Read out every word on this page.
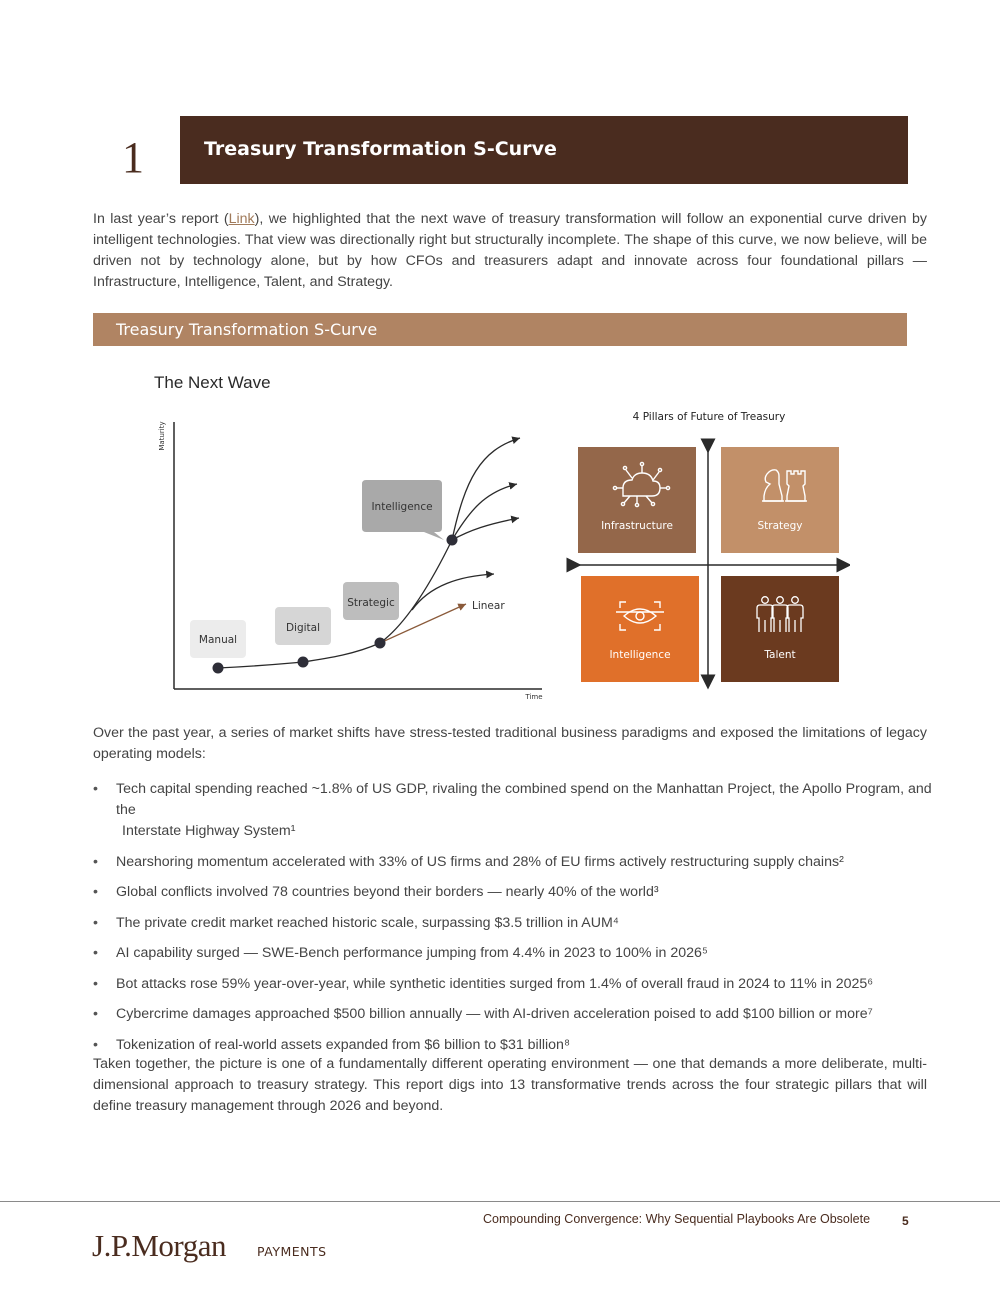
1	Treasury Transformation S-Curve

In last year’s report (Link), we highlighted that the next wave of treasury transformation will follow an exponential curve driven by intelligent technologies. That view was directionally right but structurally incomplete. The shape of this curve, we now believe, will be driven not by technology alone, but by how CFOs and treasurers adapt and innovate across four foundational pillars — Infrastructure, Intelligence, Talent, and Strategy.

Treasury Transformation S-Curve
The Next Wave
Maturity
Time
Manual
Digital
Strategic
Intelligence
Linear
4 Pillars of Future of Treasury
Infrastructure	Strategy
Intelligence	Talent

Over the past year, a series of market shifts have stress-tested traditional business paradigms and exposed the limitations of legacy operating models:

• Tech capital spending reached ~1.8% of US GDP, rivaling the combined spend on the Manhattan Project, the Apollo Program, and the
Interstate Highway System¹
• Nearshoring momentum accelerated with 33% of US firms and 28% of EU firms actively restructuring supply chains²
• Global conflicts involved 78 countries beyond their borders — nearly 40% of the world³
• The private credit market reached historic scale, surpassing $3.5 trillion in AUM⁴
• AI capability surged — SWE-Bench performance jumping from 4.4% in 2023 to 100% in 2026⁵
• Bot attacks rose 59% year-over-year, while synthetic identities surged from 1.4% of overall fraud in 2024 to 11% in 2025⁶
• Cybercrime damages approached $500 billion annually — with AI-driven acceleration poised to add $100 billion or more⁷
• Tokenization of real-world assets expanded from $6 billion to $31 billion⁸

Taken together, the picture is one of a fundamentally different operating environment — one that demands a more deliberate, multi-dimensional approach to treasury strategy. This report digs into 13 transformative trends across the four strategic pillars that will define treasury management through 2026 and beyond.

Compounding Convergence: Why Sequential Playbooks Are Obsolete	5
J.P.Morgan PAYMENTS
